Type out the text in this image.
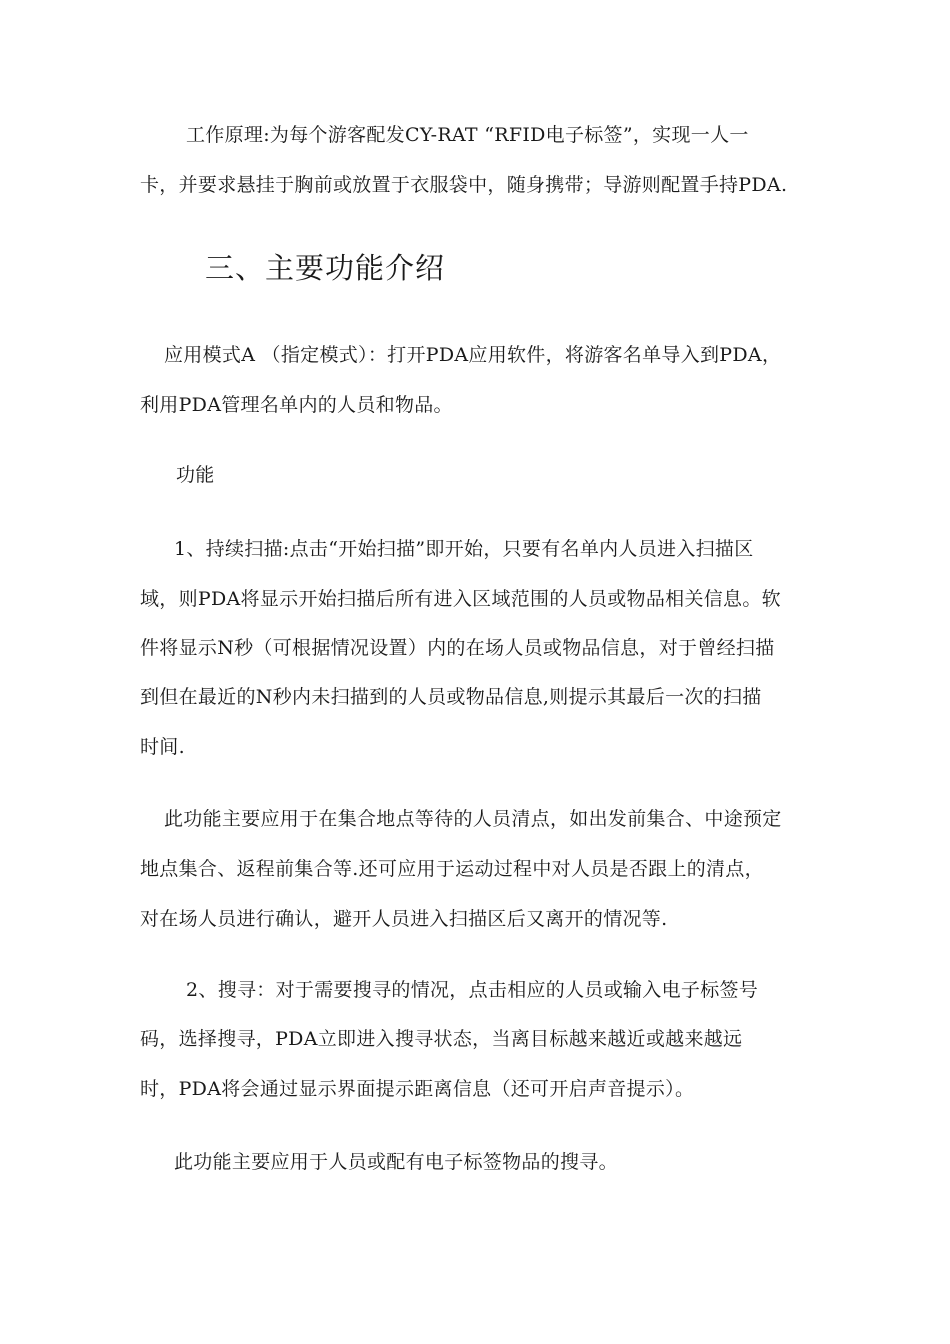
工作原理:为每个游客配发CY-RAT “RFID电子标签”，实现一人一
卡，并要求悬挂于胸前或放置于衣服袋中，随身携带；导游则配置手持PDA.
三、主要功能介绍
应用模式A （指定模式）：打开PDA应用软件，将游客名单导入到PDA，
利用PDA管理名单内的人员和物品。
功能
1、持续扫描:点击“开始扫描”即开始，只要有名单内人员进入扫描区
域，则PDA将显示开始扫描后所有进入区域范围的人员或物品相关信息。软
件将显示N秒（可根据情况设置）内的在场人员或物品信息，对于曾经扫描
到但在最近的N秒内未扫描到的人员或物品信息,则提示其最后一次的扫描
时间.
此功能主要应用于在集合地点等待的人员清点，如出发前集合、中途预定
地点集合、返程前集合等.还可应用于运动过程中对人员是否跟上的清点，
对在场人员进行确认，避开人员进入扫描区后又离开的情况等.
2、搜寻：对于需要搜寻的情况，点击相应的人员或输入电子标签号
码，选择搜寻，PDA立即进入搜寻状态，当离目标越来越近或越来越远
时，PDA将会通过显示界面提示距离信息（还可开启声音提示）。
此功能主要应用于人员或配有电子标签物品的搜寻。
